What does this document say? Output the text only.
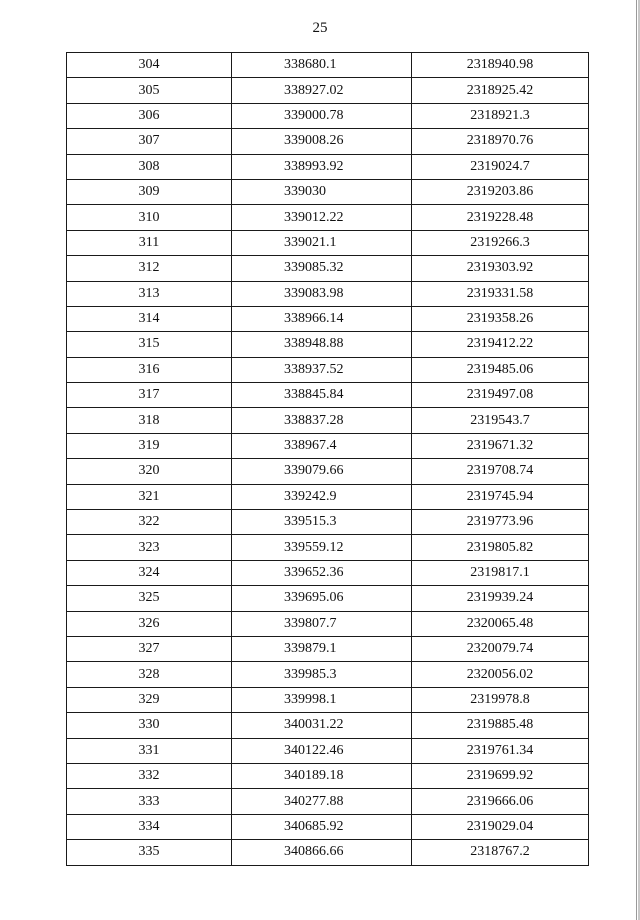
25
304	338680.1	2318940.98
305	338927.02	2318925.42
306	339000.78	2318921.3
307	339008.26	2318970.76
308	338993.92	2319024.7
309	339030	2319203.86
310	339012.22	2319228.48
311	339021.1	2319266.3
312	339085.32	2319303.92
313	339083.98	2319331.58
314	338966.14	2319358.26
315	338948.88	2319412.22
316	338937.52	2319485.06
317	338845.84	2319497.08
318	338837.28	2319543.7
319	338967.4	2319671.32
320	339079.66	2319708.74
321	339242.9	2319745.94
322	339515.3	2319773.96
323	339559.12	2319805.82
324	339652.36	2319817.1
325	339695.06	2319939.24
326	339807.7	2320065.48
327	339879.1	2320079.74
328	339985.3	2320056.02
329	339998.1	2319978.8
330	340031.22	2319885.48
331	340122.46	2319761.34
332	340189.18	2319699.92
333	340277.88	2319666.06
334	340685.92	2319029.04
335	340866.66	2318767.2
